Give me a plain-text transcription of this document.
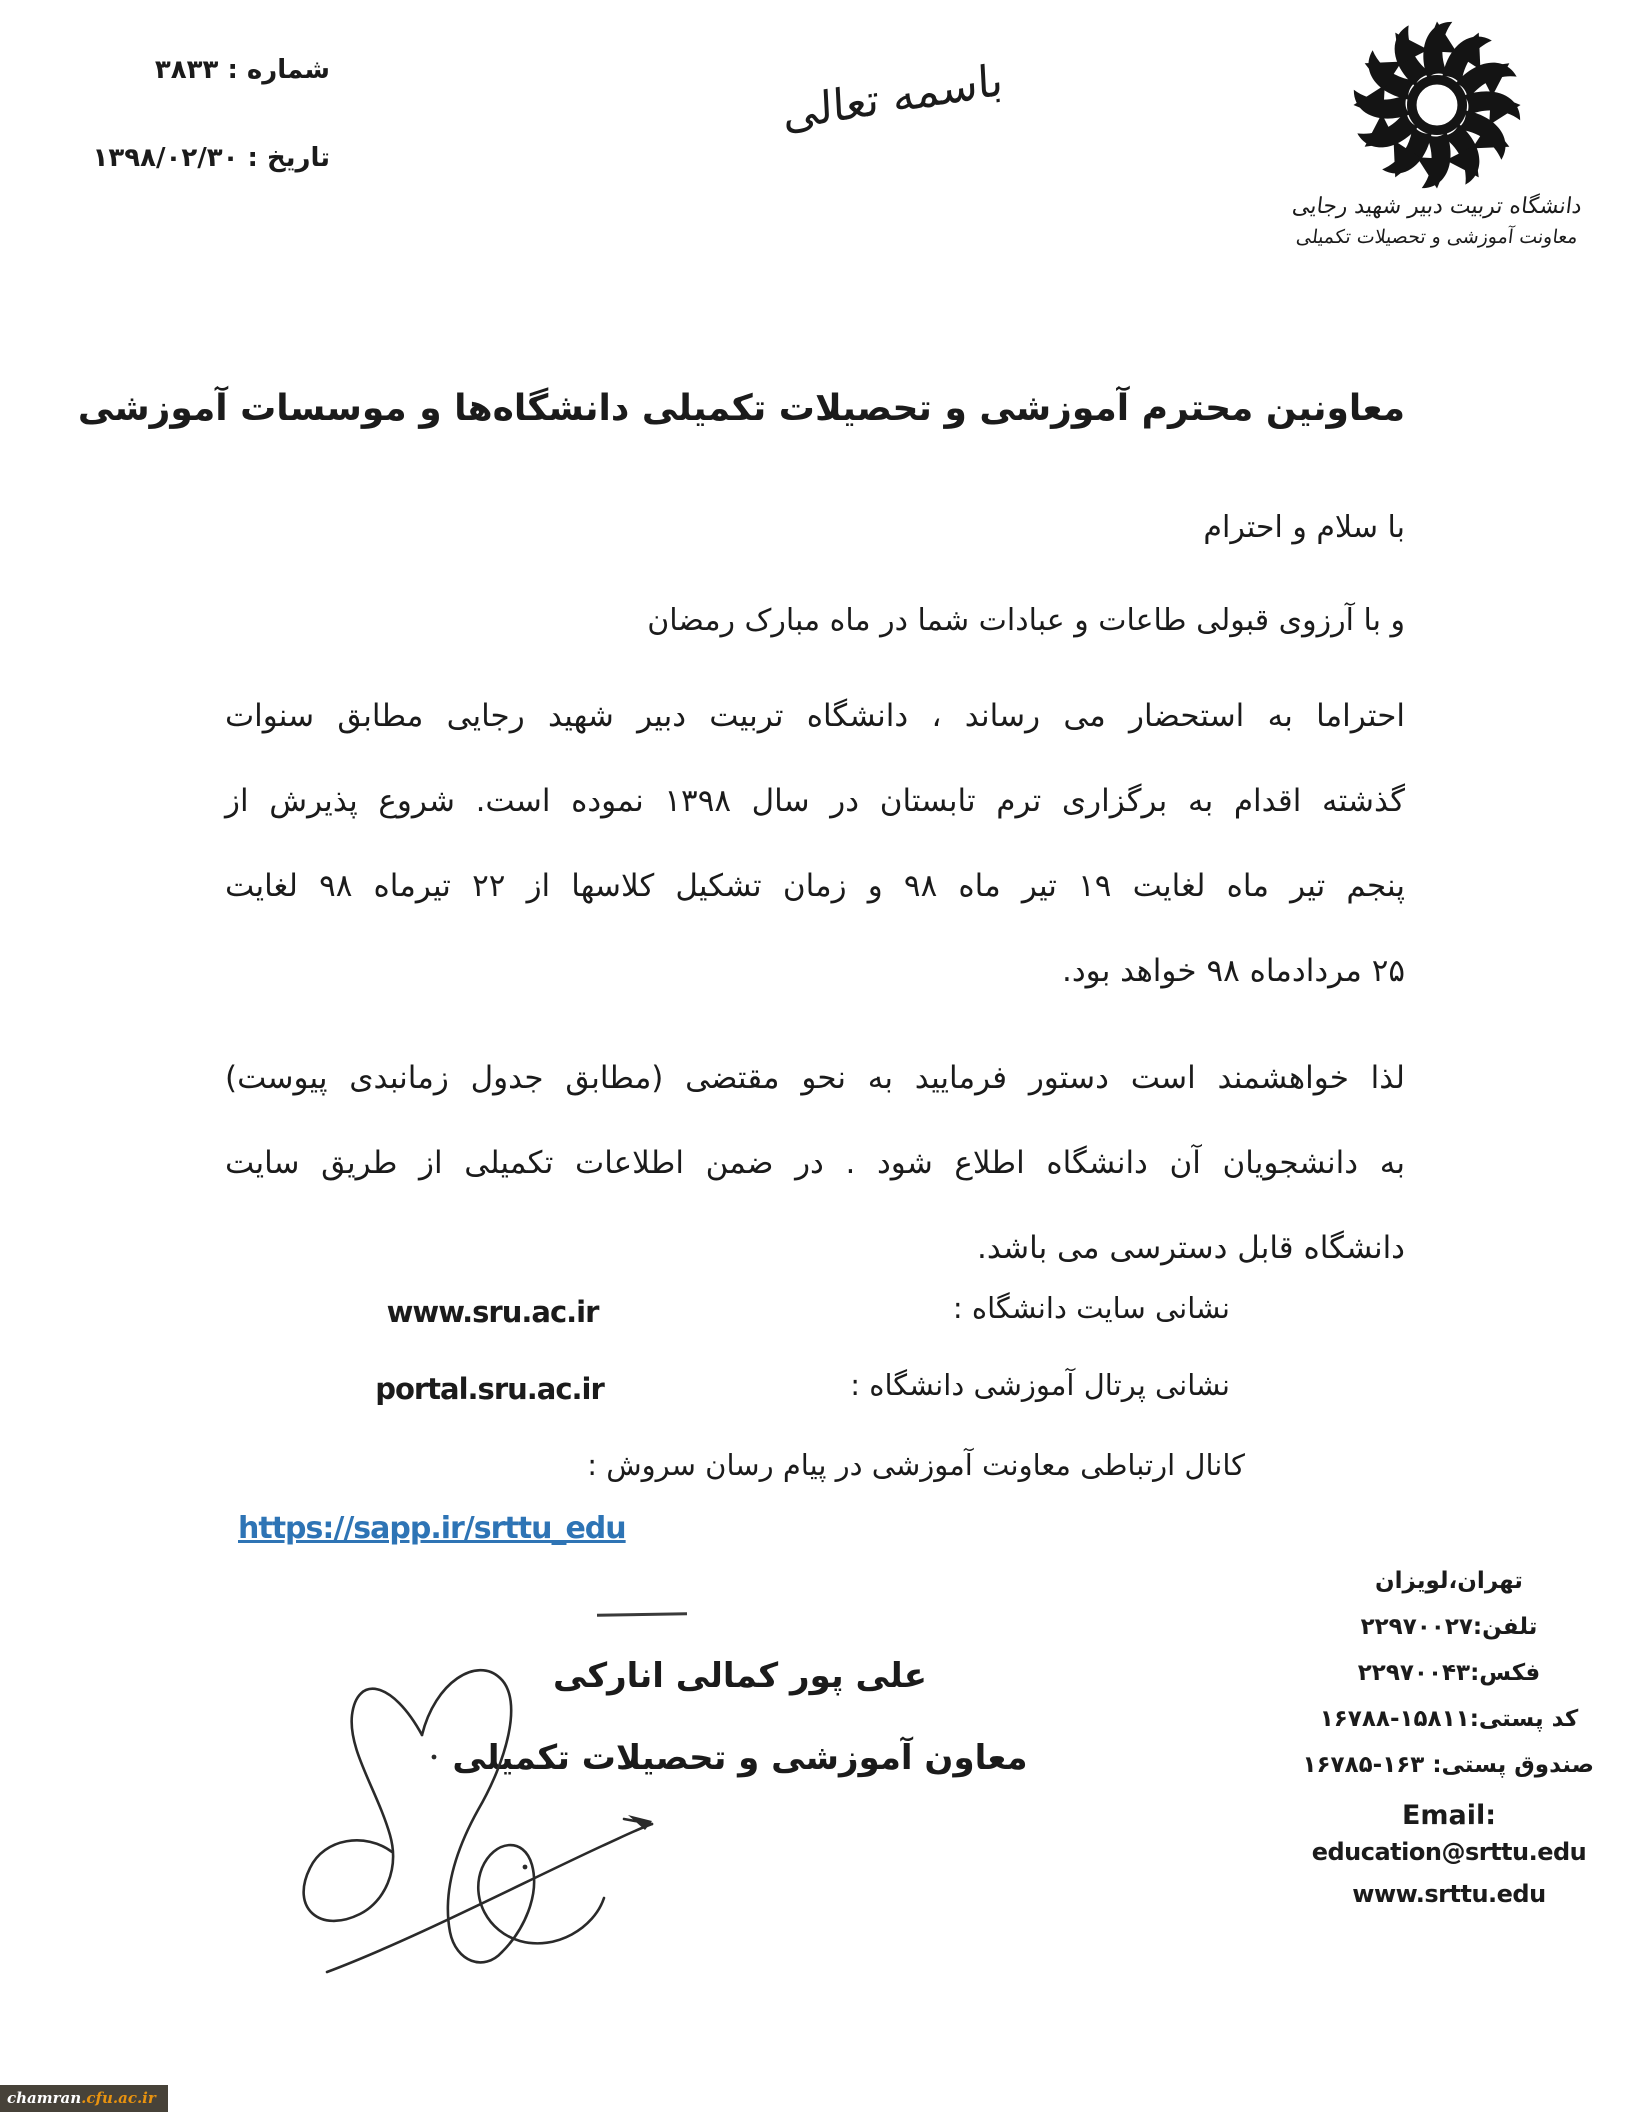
شماره : ۳۸۳۳
تاریخ : ۱۳۹۸/۰۲/۳۰
باسمه تعالی
دانشگاه تربیت دبیر شهید رجایی
معاونت آموزشی و تحصیلات تکمیلی
معاونین محترم آموزشی و تحصیلات تکمیلی دانشگاه‌ها و موسسات آموزشی
با سلام و احترام
و با آرزوی قبولی طاعات و عبادات شما در ماه مبارک رمضان
احتراما به استحضار می رساند ، دانشگاه تربیت دبیر شهید رجایی مطابق سنوات
گذشته اقدام به برگزاری ترم تابستان در سال ۱۳۹۸ نموده است. شروع پذیرش از
پنجم تیر ماه لغایت ۱۹ تیر ماه ۹۸ و زمان تشکیل کلاسها از ۲۲ تیرماه ۹۸ لغایت
۲۵ مردادماه ۹۸ خواهد بود.
لذا خواهشمند است دستور فرمایید به نحو مقتضی (مطابق جدول زمانبدی پیوست)
به دانشجویان آن دانشگاه اطلاع شود . در ضمن اطلاعات تکمیلی از طریق سایت
دانشگاه قابل دسترسی می باشد.
نشانی سایت دانشگاه :
www.sru.ac.ir
نشانی پرتال آموزشی دانشگاه :
portal.sru.ac.ir
کانال ارتباطی معاونت آموزشی در پیام رسان سروش :
https://sapp.ir/srttu_edu
علی پور کمالی انارکی
معاون آموزشی و تحصیلات تکمیلی
تهران،لویزان
تلفن:۲۲۹۷۰۰۲۷
فکس:۲۲۹۷۰۰۴۳
کد پستی:۱۵۸۱۱-۱۶۷۸۸
صندوق پستی: ۱۶۳-۱۶۷۸۵
Email:
education@srttu.edu
www.srttu.edu
chamran.cfu.ac.ir
